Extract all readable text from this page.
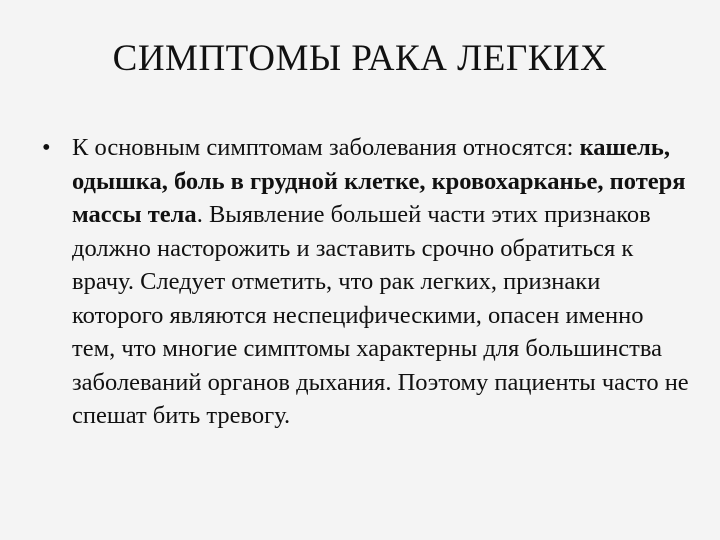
СИМПТОМЫ РАКА ЛЕГКИХ
• К основным симптомам заболевания относятся: кашель, одышка, боль в грудной клетке, кровохарканье, потеря массы тела. Выявление большей части этих признаков должно насторожить и заставить срочно обратиться к врачу. Следует отметить, что рак легких, признаки которого являются неспецифическими, опасен именно тем, что многие симптомы характерны для большинства заболеваний органов дыхания. Поэтому пациенты часто не спешат бить тревогу.
